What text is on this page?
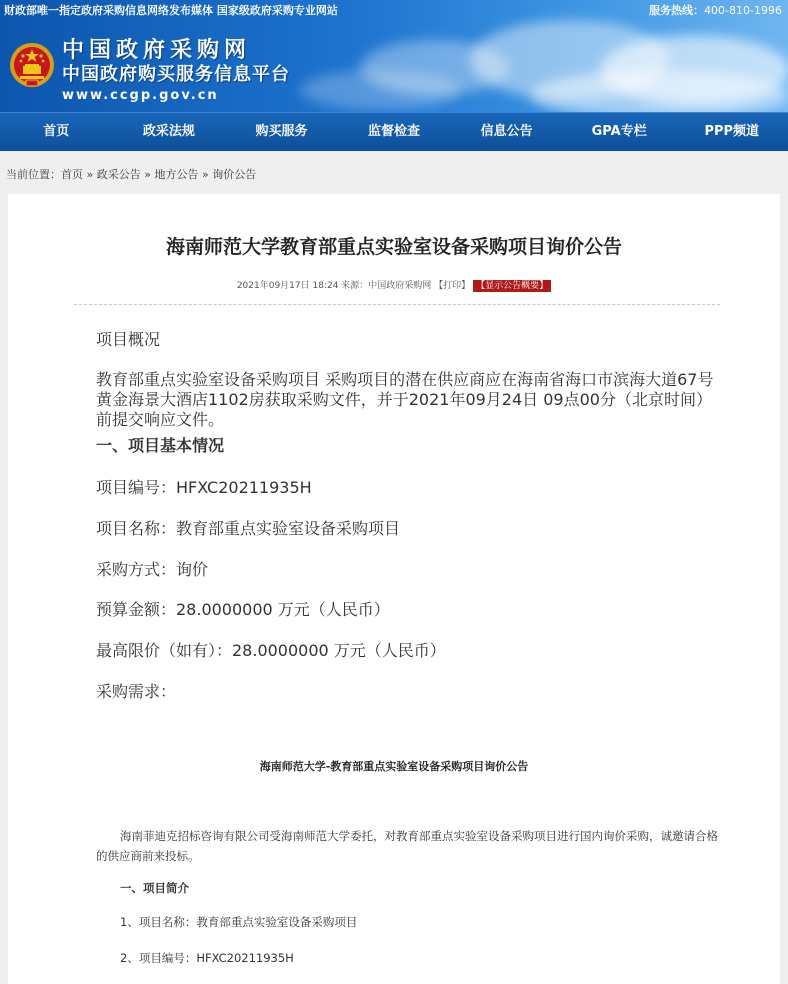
财政部唯一指定政府采购信息网络发布媒体 国家级政府采购专业网站	服务热线：400-810-1996
中国政府采购网
中国政府购买服务信息平台
www.ccgp.gov.cn
首页	政采法规	购买服务	监督检查	信息公告	GPA专栏	PPP频道
当前位置：首页 » 政采公告 » 地方公告 » 询价公告
海南师范大学教育部重点实验室设备采购项目询价公告
2021年09月17日 18:24 来源：中国政府采购网 【打印】 【显示公告概要】
项目概况
教育部重点实验室设备采购项目 采购项目的潜在供应商应在海南省海口市滨海大道67号黄金海景大酒店1102房获取采购文件，并于2021年09月24日 09点00分（北京时间）前提交响应文件。
一、项目基本情况
项目编号：HFXC20211935H
项目名称：教育部重点实验室设备采购项目
采购方式：询价
预算金额：28.0000000 万元（人民币）
最高限价（如有）：28.0000000 万元（人民币）
采购需求：
海南师范大学-教育部重点实验室设备采购项目询价公告
海南菲迪克招标咨询有限公司受海南师范大学委托，对教育部重点实验室设备采购项目进行国内询价采购，诚邀请合格的供应商前来投标。
一、项目简介
1、项目名称：教育部重点实验室设备采购项目
2、项目编号：HFXC20211935H
